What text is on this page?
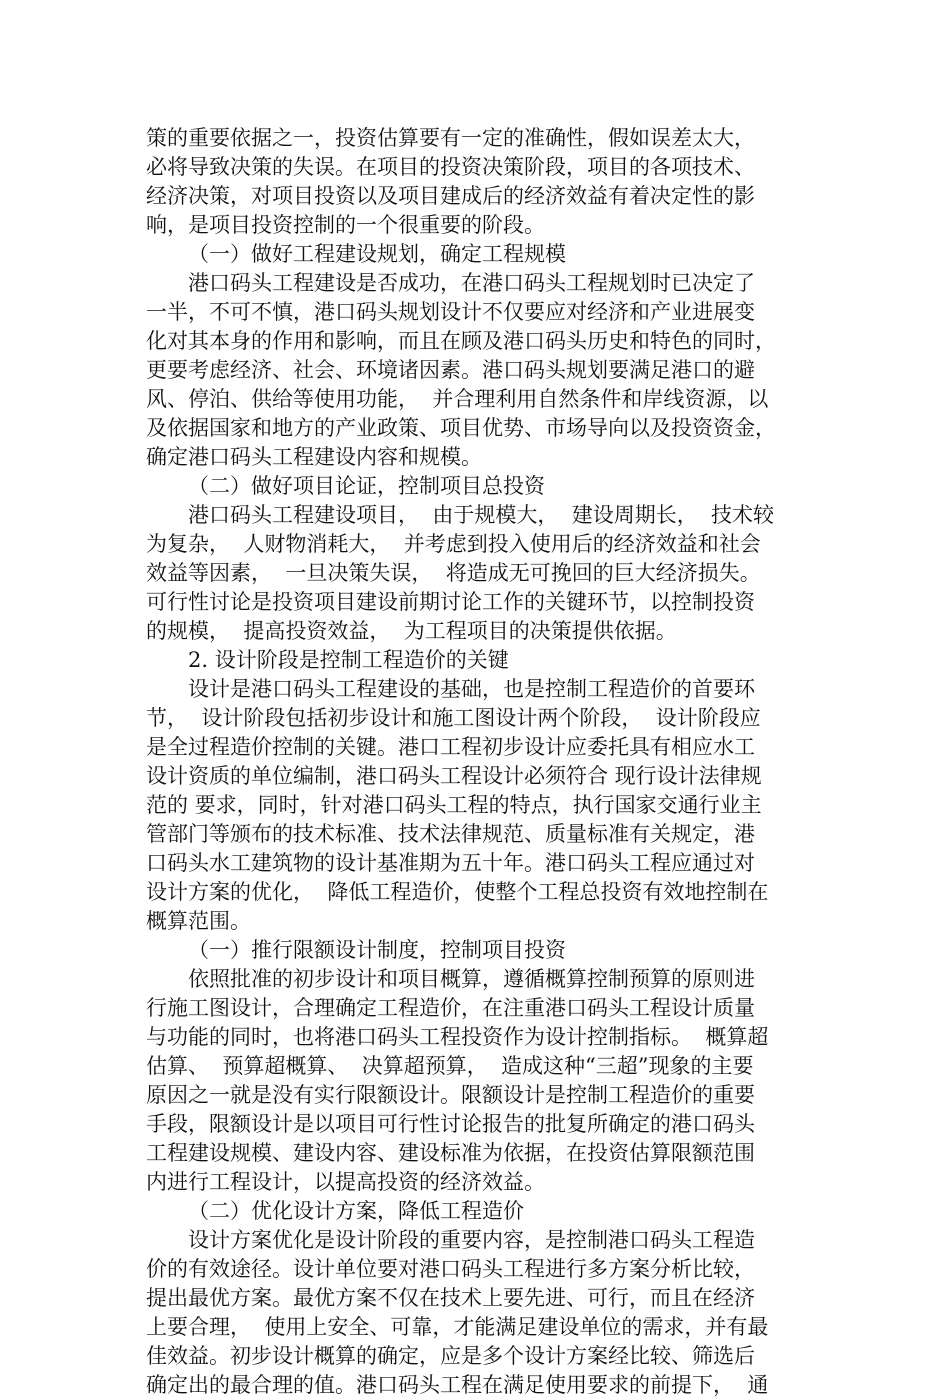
策的重要依据之一，投资估算要有一定的准确性，假如误差太大，
必将导致决策的失误。在项目的投资决策阶段，项目的各项技术、
经济决策，对项目投资以及项目建成后的经济效益有着决定性的影
响，是项目投资控制的一个很重要的阶段。
（一）做好工程建设规划，确定工程规模
港口码头工程建设是否成功，在港口码头工程规划时已决定了
一半，不可不慎，港口码头规划设计不仅要应对经济和产业进展变
化对其本身的作用和影响，而且在顾及港口码头历史和特色的同时，
更要考虑经济、社会、环境诸因素。港口码头规划要满足港口的避
风、停泊、供给等使用功能，  并合理利用自然条件和岸线资源，以
及依据国家和地方的产业政策、项目优势、市场导向以及投资资金，
确定港口码头工程建设内容和规模。
（二）做好项目论证，控制项目总投资
港口码头工程建设项目，  由于规模大，  建设周期长，  技术较
为复杂，  人财物消耗大，  并考虑到投入使用后的经济效益和社会
效益等因素，  一旦决策失误，  将造成无可挽回的巨大经济损失。
可行性讨论是投资项目建设前期讨论工作的关键环节，以控制投资
的规模，  提高投资效益，  为工程项目的决策提供依据。
2. 设计阶段是控制工程造价的关键
设计是港口码头工程建设的基础，也是控制工程造价的首要环
节，  设计阶段包括初步设计和施工图设计两个阶段，  设计阶段应
是全过程造价控制的关键。港口工程初步设计应委托具有相应水工
设计资质的单位编制，港口码头工程设计必须符合 现行设计法律规
范的 要求，同时，针对港口码头工程的特点，执行国家交通行业主
管部门等颁布的技术标准、技术法律规范、质量标准有关规定，港
口码头水工建筑物的设计基准期为五十年。港口码头工程应通过对
设计方案的优化，  降低工程造价，使整个工程总投资有效地控制在
概算范围。
（一）推行限额设计制度，控制项目投资
依照批准的初步设计和项目概算，遵循概算控制预算的原则进
行施工图设计，合理确定工程造价，在注重港口码头工程设计质量
与功能的同时，也将港口码头工程投资作为设计控制指标。  概算超
估算、  预算超概算、  决算超预算，  造成这种“三超”现象的主要
原因之一就是没有实行限额设计。限额设计是控制工程造价的重要
手段，限额设计是以项目可行性讨论报告的批复所确定的港口码头
工程建设规模、建设内容、建设标准为依据，在投资估算限额范围
内进行工程设计，以提高投资的经济效益。
（二）优化设计方案，降低工程造价
设计方案优化是设计阶段的重要内容，是控制港口码头工程造
价的有效途径。设计单位要对港口码头工程进行多方案分析比较，
提出最优方案。最优方案不仅在技术上要先进、可行，而且在经济
上要合理，  使用上安全、可靠，才能满足建设单位的需求，并有最
佳效益。初步设计概算的确定，应是多个设计方案经比较、筛选后
确定出的最合理的值。港口码头工程在满足使用要求的前提下，  通
